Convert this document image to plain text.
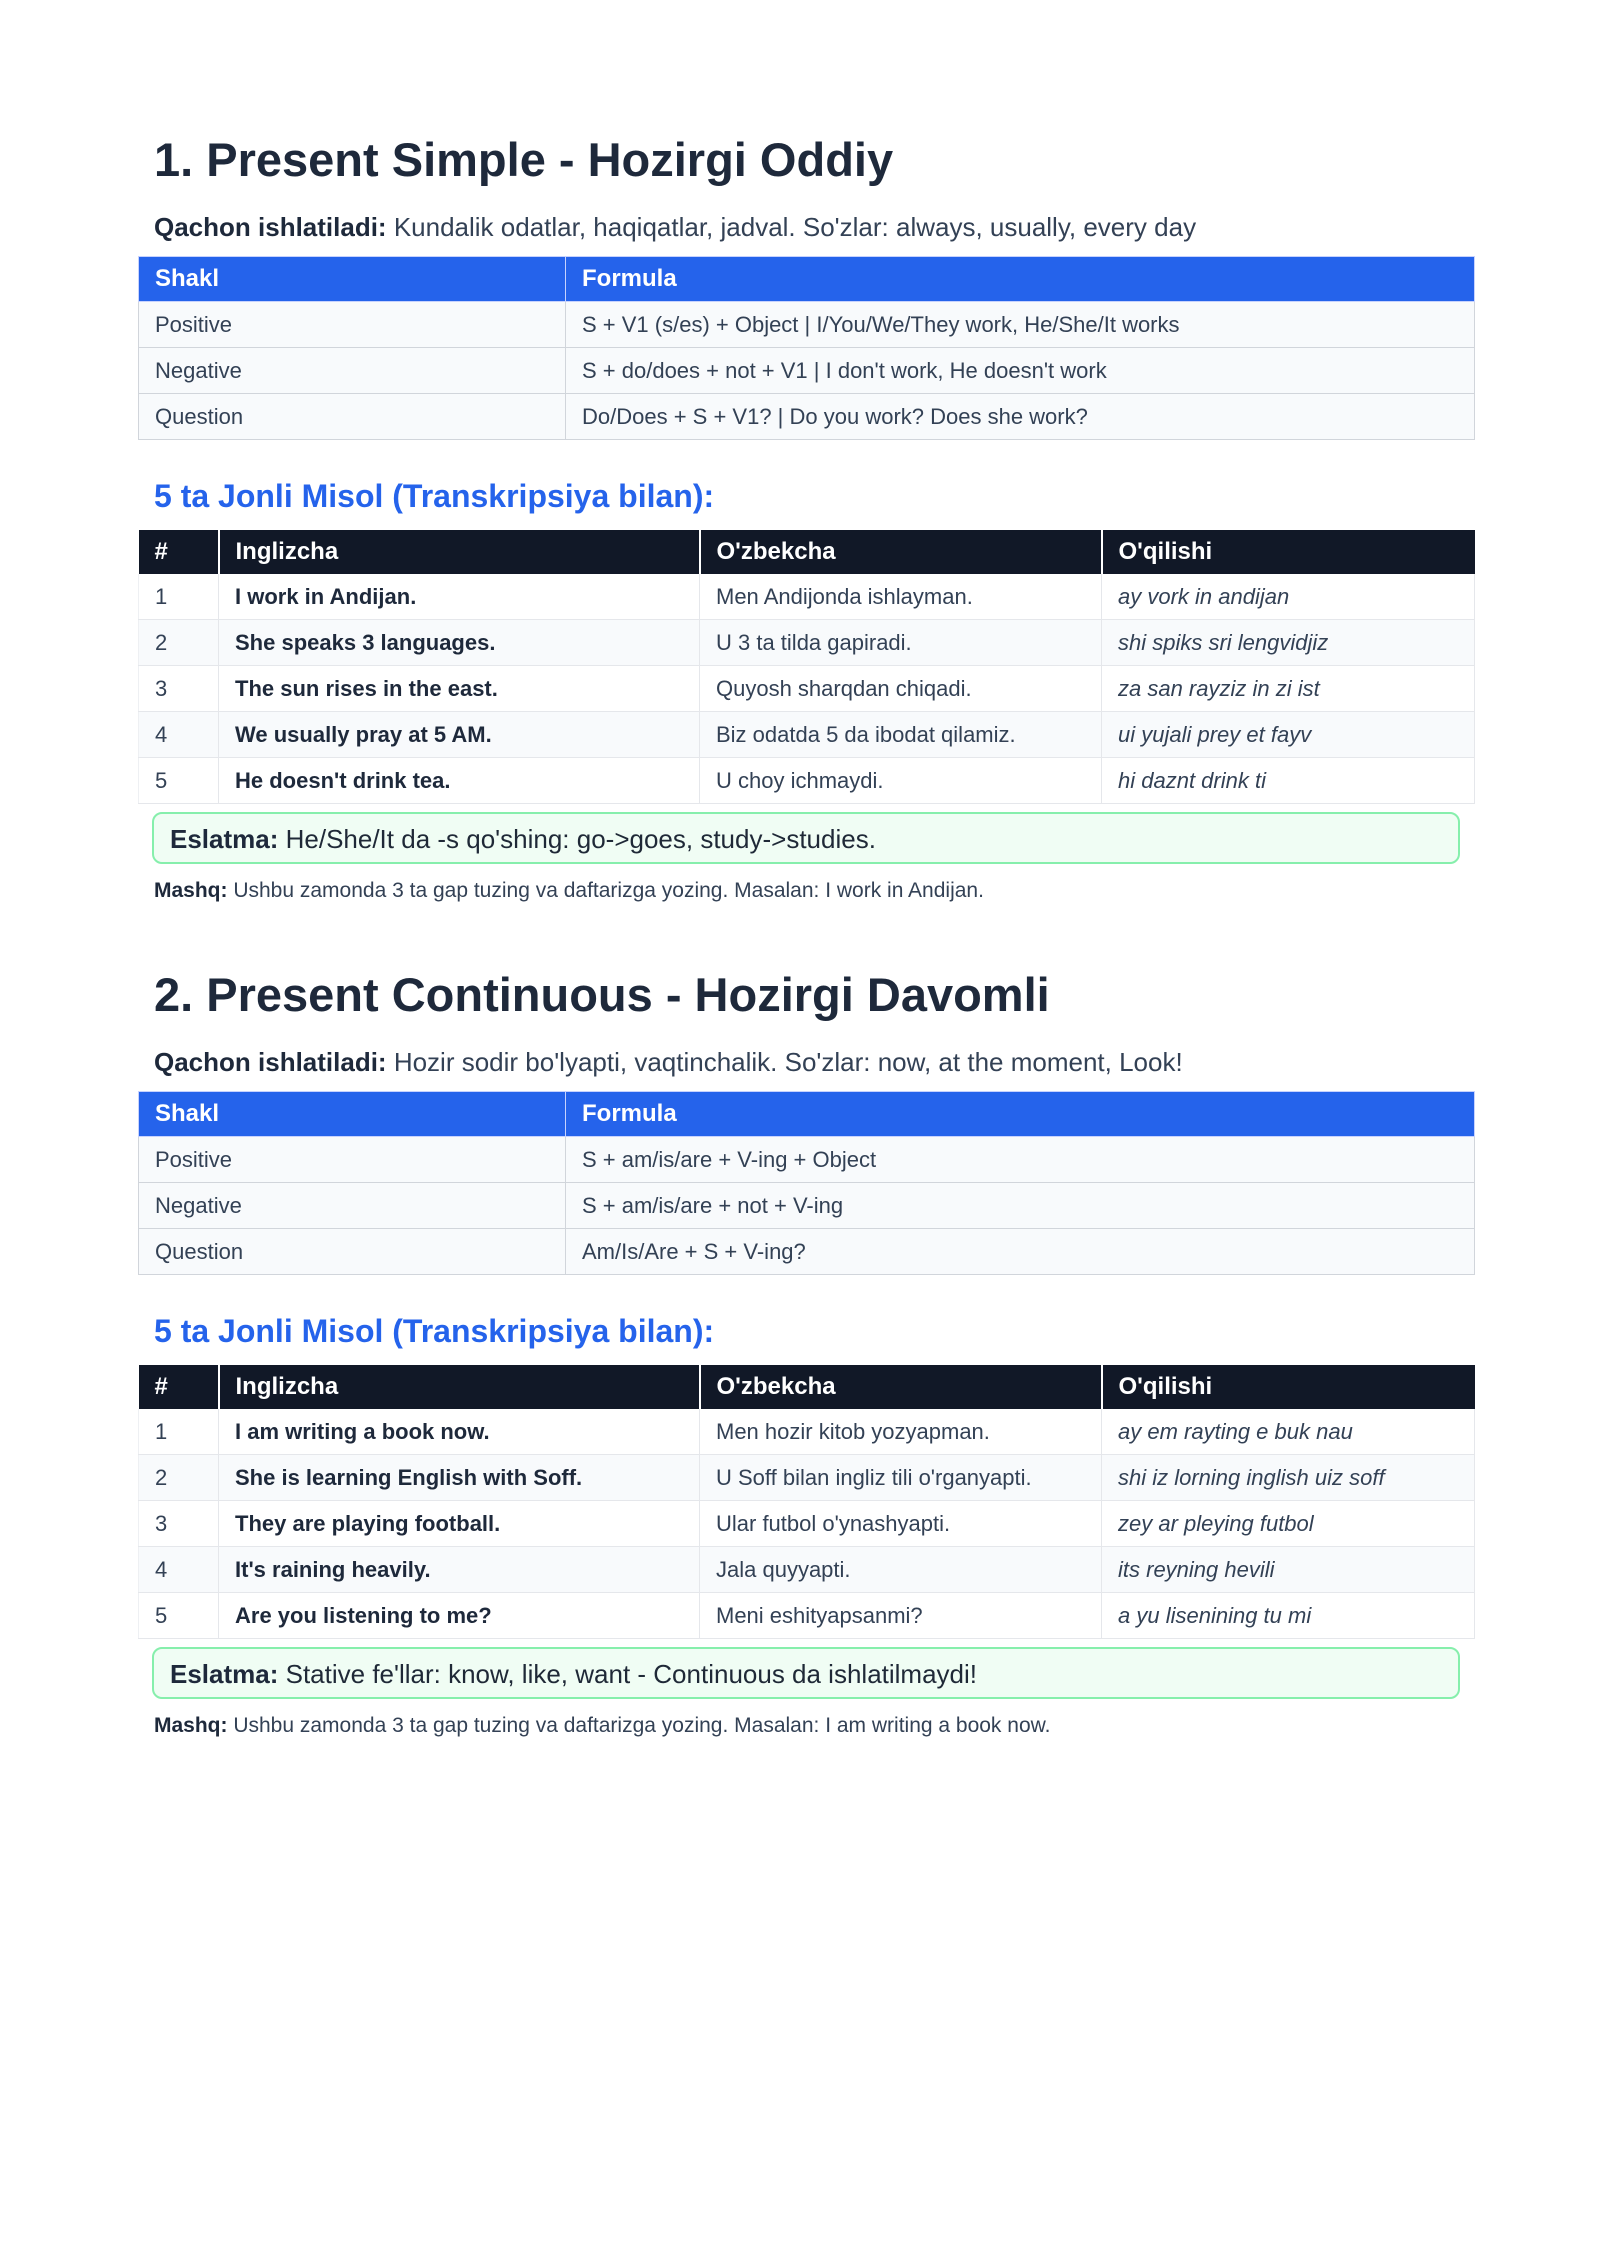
1. Present Simple - Hozirgi Oddiy

Qachon ishlatiladi: Kundalik odatlar, haqiqatlar, jadval. So'zlar: always, usually, every day

Shakl	Formula
Positive	S + V1 (s/es) + Object | I/You/We/They work, He/She/It works
Negative	S + do/does + not + V1 | I don't work, He doesn't work
Question	Do/Does + S + V1? | Do you work? Does she work?
5 ta Jonli Misol (Transkripsiya bilan):
#	Inglizcha	O'zbekcha	O'qilishi
1	I work in Andijan.	Men Andijonda ishlayman.	ay vork in andijan
2	She speaks 3 languages.	U 3 ta tilda gapiradi.	shi spiks sri lengvidjiz
3	The sun rises in the east.	Quyosh sharqdan chiqadi.	za san rayziz in zi ist
4	We usually pray at 5 AM.	Biz odatda 5 da ibodat qilamiz.	ui yujali prey et fayv
5	He doesn't drink tea.	U choy ichmaydi.	hi daznt drink ti
Eslatma: He/She/It da -s qo'shing: go->goes, study->studies.

Mashq: Ushbu zamonda 3 ta gap tuzing va daftarizga yozing. Masalan: I work in Andijan.

2. Present Continuous - Hozirgi Davomli

Qachon ishlatiladi: Hozir sodir bo'lyapti, vaqtinchalik. So'zlar: now, at the moment, Look!

Shakl	Formula
Positive	S + am/is/are + V-ing + Object
Negative	S + am/is/are + not + V-ing
Question	Am/Is/Are + S + V-ing?
5 ta Jonli Misol (Transkripsiya bilan):
#	Inglizcha	O'zbekcha	O'qilishi
1	I am writing a book now.	Men hozir kitob yozyapman.	ay em rayting e buk nau
2	She is learning English with Soff.	U Soff bilan ingliz tili o'rganyapti.	shi iz lorning inglish uiz soff
3	They are playing football.	Ular futbol o'ynashyapti.	zey ar pleying futbol
4	It's raining heavily.	Jala quyyapti.	its reyning hevili
5	Are you listening to me?	Meni eshityapsanmi?	a yu lisenining tu mi
Eslatma: Stative fe'llar: know, like, want - Continuous da ishlatilmaydi!

Mashq: Ushbu zamonda 3 ta gap tuzing va daftarizga yozing. Masalan: I am writing a book now.
